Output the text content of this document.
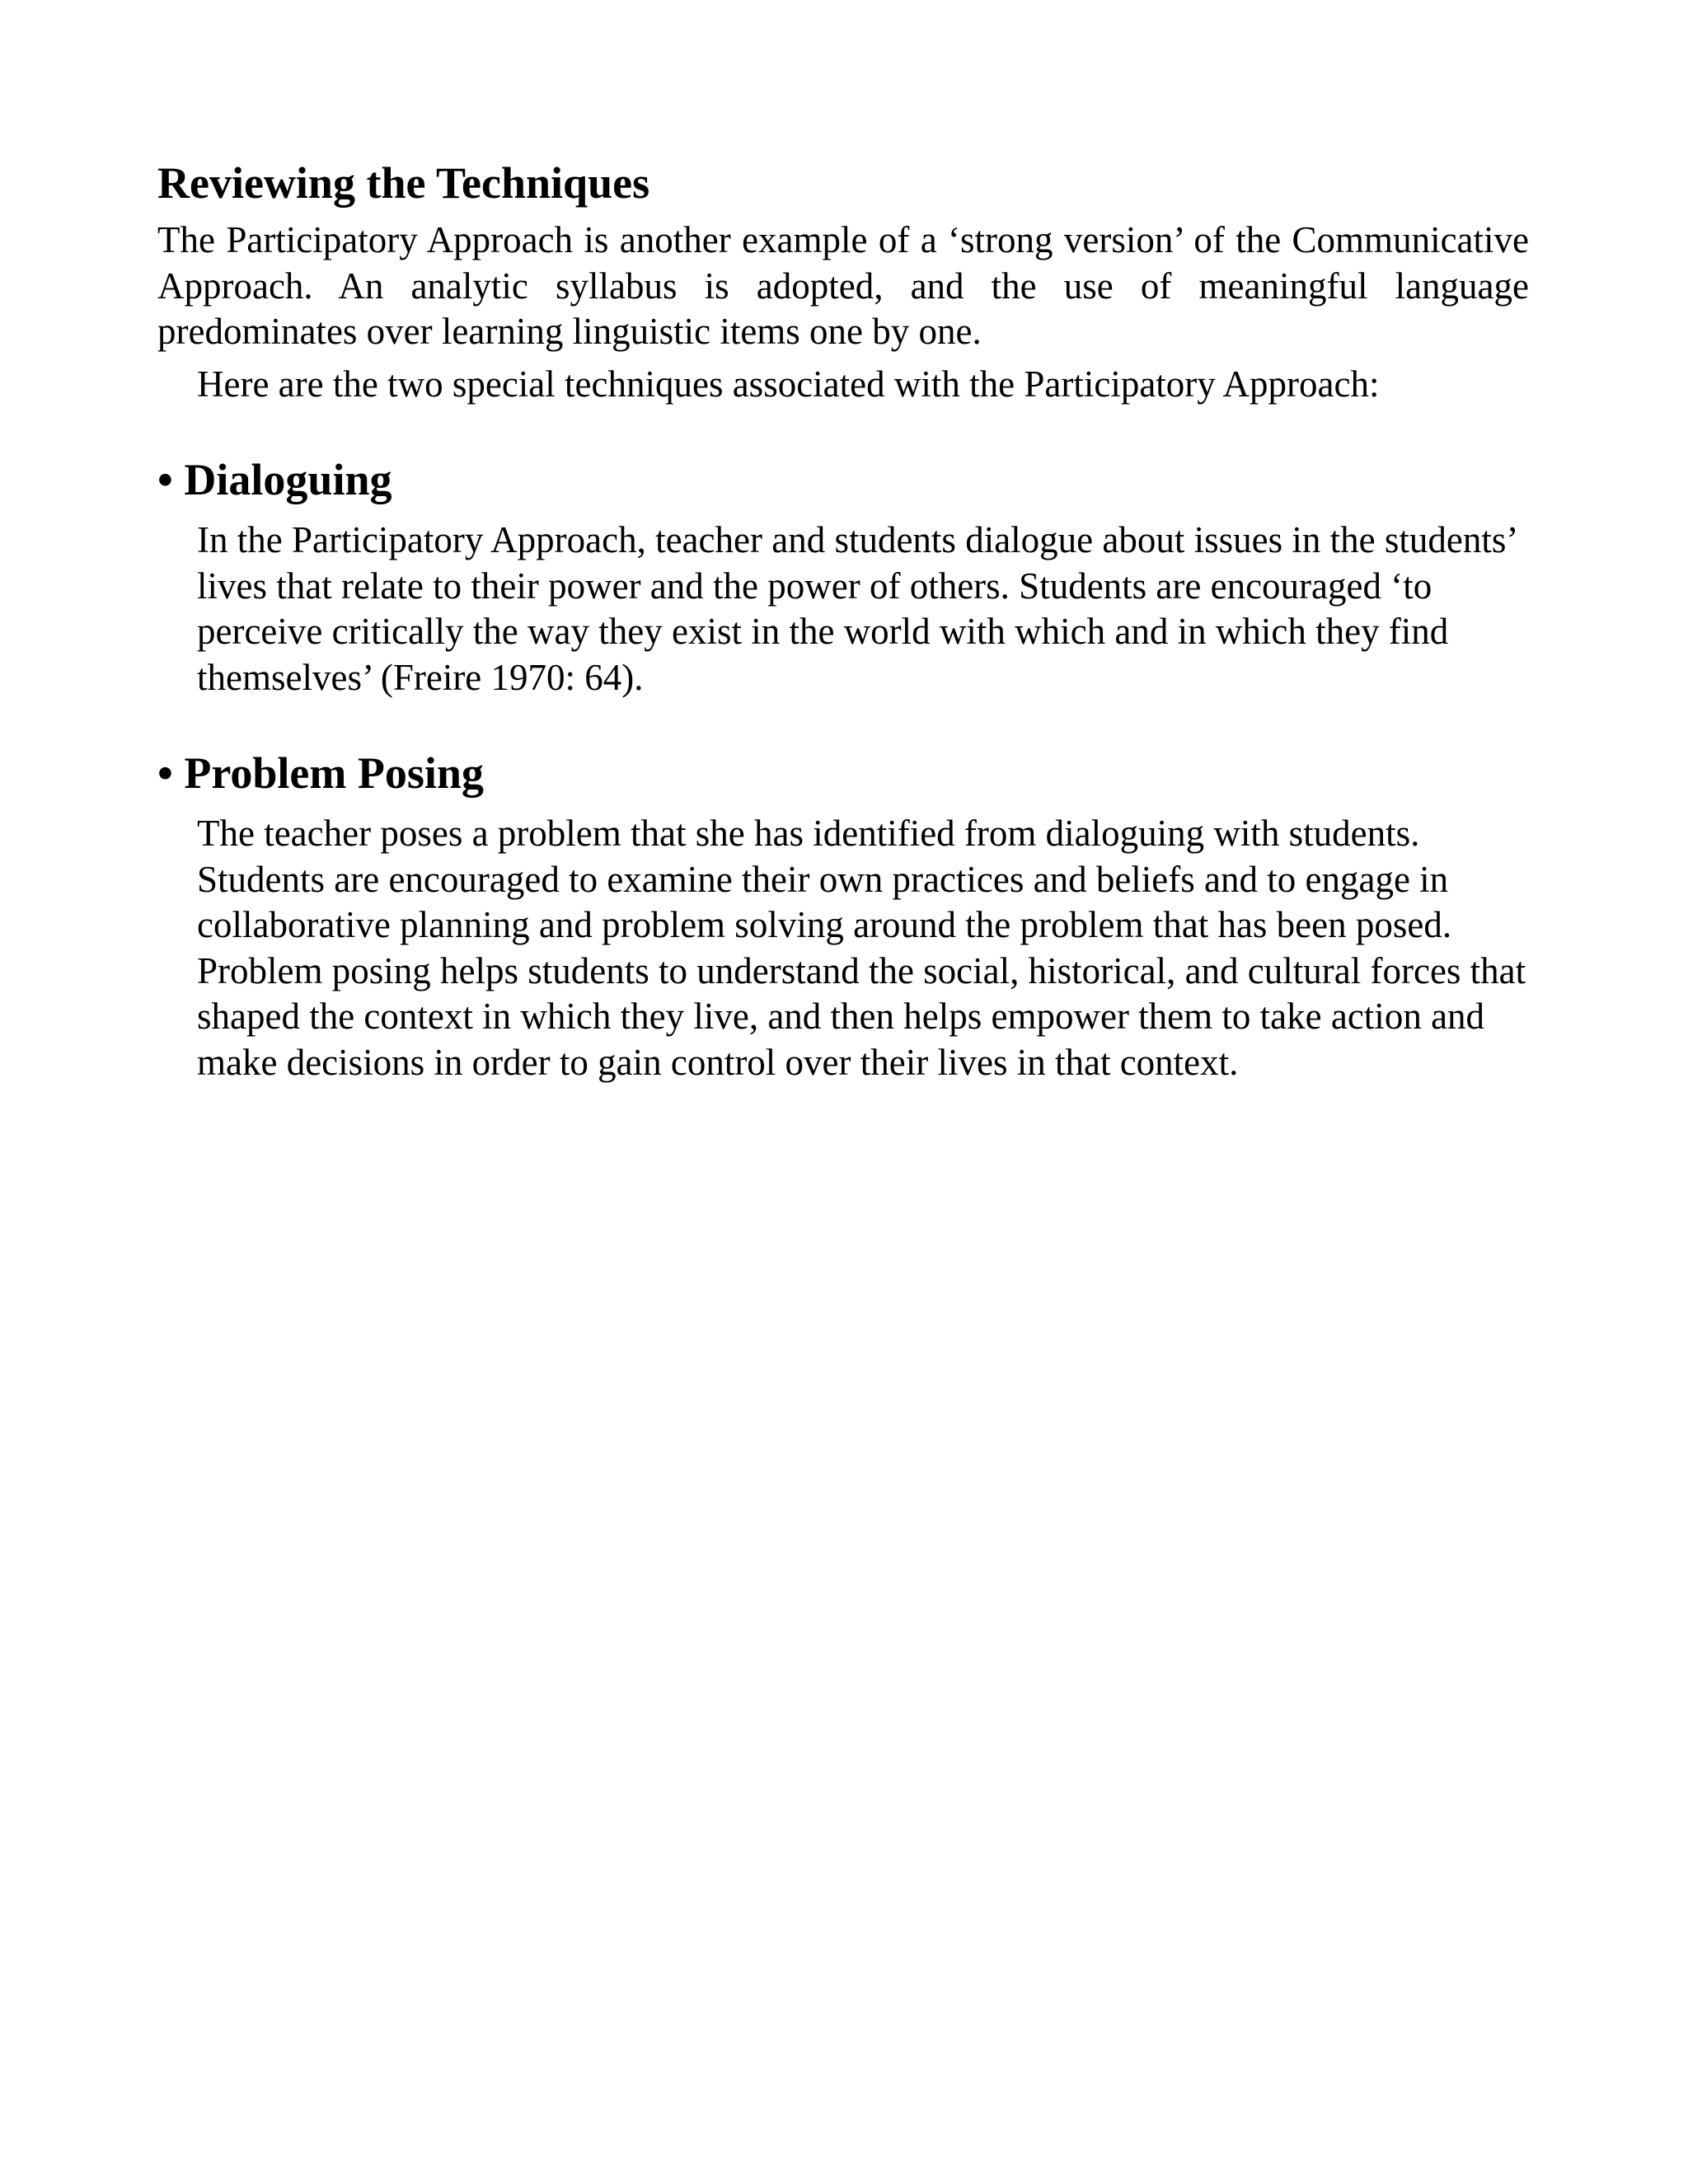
Reviewing the Techniques

The Participatory Approach is another example of a ‘strong version’ of the Communicative Approach. An analytic syllabus is adopted, and the use of meaningful language predominates over learning linguistic items one by one.

Here are the two special techniques associated with the Participatory Approach:

• Dialoguing

In the Participatory Approach, teacher and students dialogue about issues in the students’ lives that relate to their power and the power of others. Students are encouraged ‘to perceive critically the way they exist in the world with which and in which they find themselves’ (Freire 1970: 64).

• Problem Posing

The teacher poses a problem that she has identified from dialoguing with students. Students are encouraged to examine their own practices and beliefs and to engage in collaborative planning and problem solving around the problem that has been posed. Problem posing helps students to understand the social, historical, and cultural forces that shaped the context in which they live, and then helps empower them to take action and make decisions in order to gain control over their lives in that context.
